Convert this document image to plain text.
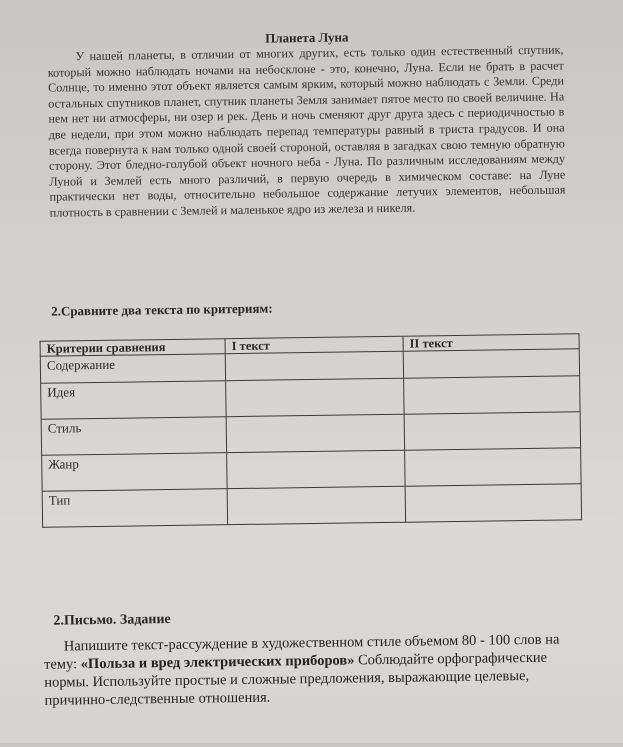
Планета Луна
У нашей планеты, в отличии от многих других, есть только один естественный спутник, который можно наблюдать ночами на небосклоне - это, конечно, Луна. Если не брать в расчет Солнце, то именно этот объект является самым ярким, который можно наблюдать с Земли. Среди остальных спутников планет, спутник планеты Земля занимает пятое место по своей величине. На нем нет ни атмосферы, ни озер и рек. День и ночь сменяют друг друга здесь с периодичностью в две недели, при этом можно наблюдать перепад температуры равный в триста градусов. И она всегда повернута к нам только одной своей стороной, оставляя в загадках свою темную обратную сторону. Этот бледно-голубой объект ночного неба - Луна. По различным исследованиям между Луной и Землей есть много различий, в первую очередь в химическом составе: на Луне практически нет воды, относительно небольшое содержание летучих элементов, небольшая плотность в сравнении с Землей и маленькое ядро из железа и никеля.
2.Сравните два текста по критериям:
Критерии сравнения	I текст	II текст
Содержание		
Идея		
Стиль		
Жанр		
Тип		
2.Письмо. Задание
Напишите текст-рассуждение в художественном стиле объемом 80 - 100 слов на тему: «Польза и вред электрических приборов» Соблюдайте орфографические нормы. Используйте простые и сложные предложения, выражающие целевые, причинно-следственные отношения.
